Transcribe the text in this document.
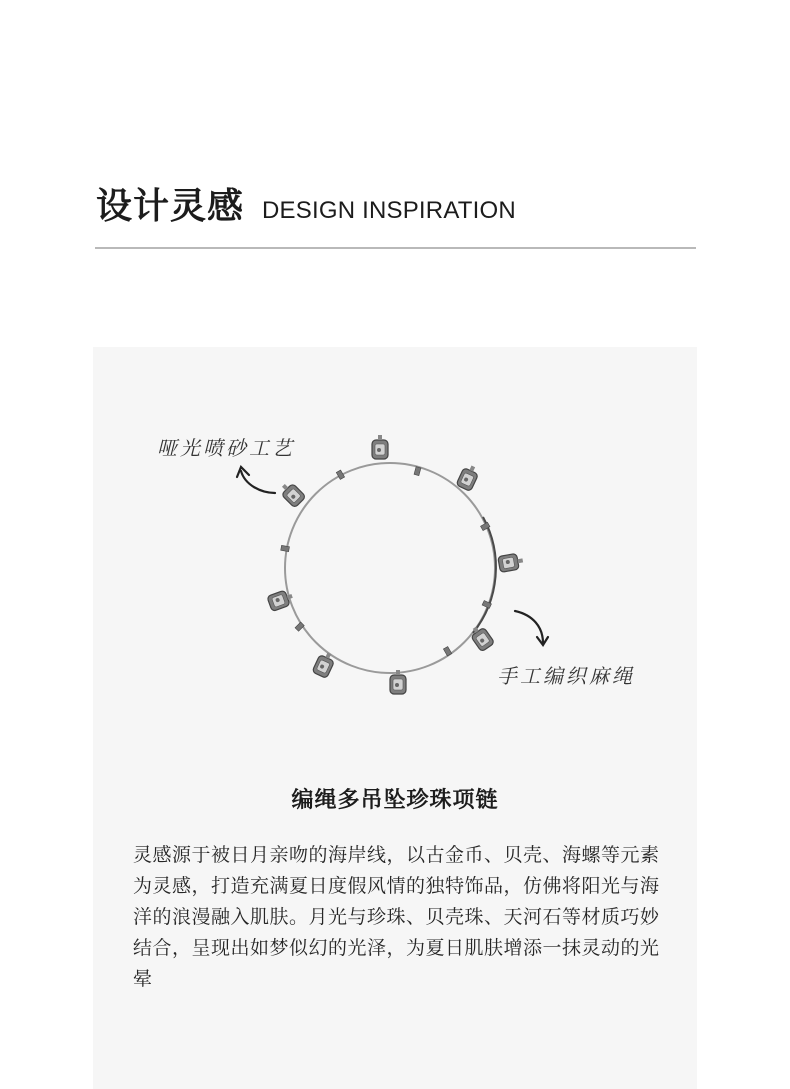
设计灵感 DESIGN INSPIRATION
哑光喷砂工艺
手工编织麻绳
编绳多吊坠珍珠项链
灵感源于被日月亲吻的海岸线，以古金币、贝壳、海螺等元素为灵感，打造充满夏日度假风情的独特饰品，仿佛将阳光与海洋的浪漫融入肌肤。月光与珍珠、贝壳珠、天河石等材质巧妙结合，呈现出如梦似幻的光泽，为夏日肌肤增添一抹灵动的光晕
